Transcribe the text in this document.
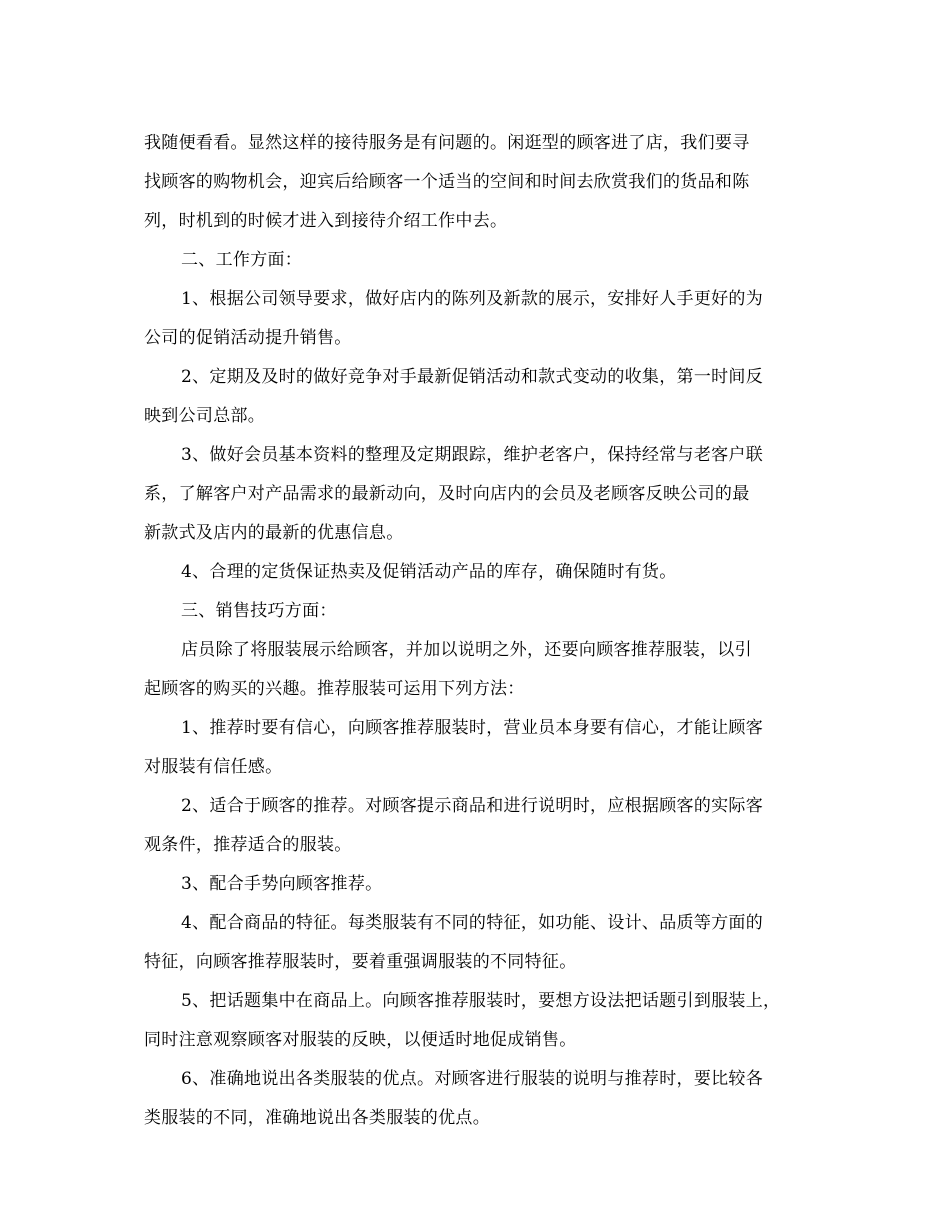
我随便看看。显然这样的接待服务是有问题的。闲逛型的顾客进了店，我们要寻
找顾客的购物机会，迎宾后给顾客一个适当的空间和时间去欣赏我们的货品和陈
列，时机到的时候才进入到接待介绍工作中去。

二、工作方面：

1、根据公司领导要求，做好店内的陈列及新款的展示，安排好人手更好的为
公司的促销活动提升销售。

2、定期及及时的做好竞争对手最新促销活动和款式变动的收集，第一时间反
映到公司总部。

3、做好会员基本资料的整理及定期跟踪，维护老客户，保持经常与老客户联
系，了解客户对产品需求的最新动向，及时向店内的会员及老顾客反映公司的最
新款式及店内的最新的优惠信息。

4、合理的定货保证热卖及促销活动产品的库存，确保随时有货。

三、销售技巧方面：

店员除了将服装展示给顾客，并加以说明之外，还要向顾客推荐服装，以引
起顾客的购买的兴趣。推荐服装可运用下列方法：

1、推荐时要有信心，向顾客推荐服装时，营业员本身要有信心，才能让顾客
对服装有信任感。

2、适合于顾客的推荐。对顾客提示商品和进行说明时，应根据顾客的实际客
观条件，推荐适合的服装。

3、配合手势向顾客推荐。

4、配合商品的特征。每类服装有不同的特征，如功能、设计、品质等方面的
特征，向顾客推荐服装时，要着重强调服装的不同特征。

5、把话题集中在商品上。向顾客推荐服装时，要想方设法把话题引到服装上，
同时注意观察顾客对服装的反映，以便适时地促成销售。

6、准确地说出各类服装的优点。对顾客进行服装的说明与推荐时，要比较各
类服装的不同，准确地说出各类服装的优点。
